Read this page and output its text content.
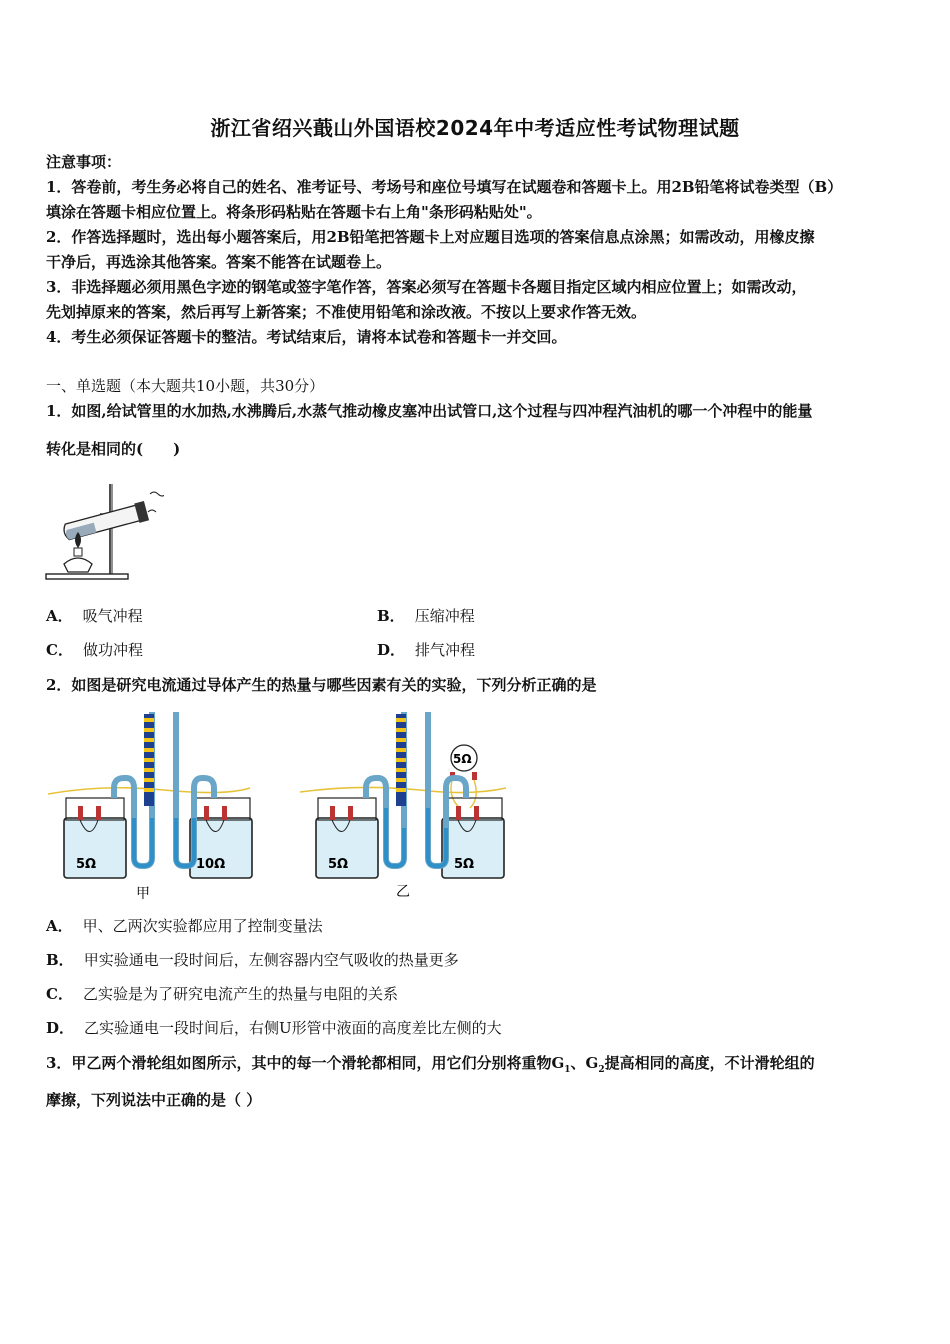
浙江省绍兴蕺山外国语校2024年中考适应性考试物理试题
注意事项：
1．答卷前，考生务必将自己的姓名、准考证号、考场号和座位号填写在试题卷和答题卡上。用2B铅笔将试卷类型（B）
填涂在答题卡相应位置上。将条形码粘贴在答题卡右上角"条形码粘贴处"。
2．作答选择题时，选出每小题答案后，用2B铅笔把答题卡上对应题目选项的答案信息点涂黑；如需改动，用橡皮擦
干净后，再选涂其他答案。答案不能答在试题卷上。
3．非选择题必须用黑色字迹的钢笔或签字笔作答，答案必须写在答题卡各题目指定区域内相应位置上；如需改动，
先划掉原来的答案，然后再写上新答案；不准使用铅笔和涂改液。不按以上要求作答无效。
4．考生必须保证答题卡的整洁。考试结束后，请将本试卷和答题卡一并交回。
一、单选题（本大题共10小题，共30分）
1．如图,给试管里的水加热,水沸腾后,水蒸气推动橡皮塞冲出试管口,这个过程与四冲程汽油机的哪一个冲程中的能量
转化是相同的(　　)
A． 吸气冲程	B． 压缩冲程
C． 做功冲程	D． 排气冲程
2．如图是研究电流通过导体产生的热量与哪些因素有关的实验，下列分析正确的是
5Ω	10Ω
甲
5Ω
5Ω	5Ω
乙
A． 甲、乙两次实验都应用了控制变量法
B． 甲实验通电一段时间后，左侧容器内空气吸收的热量更多
C． 乙实验是为了研究电流产生的热量与电阻的关系
D． 乙实验通电一段时间后，右侧U形管中液面的高度差比左侧的大
3．甲乙两个滑轮组如图所示，其中的每一个滑轮都相同，用它们分别将重物$G_1$、$G_2$提高相同的高度，不计滑轮组的
摩擦，下列说法中正确的是（ ）
